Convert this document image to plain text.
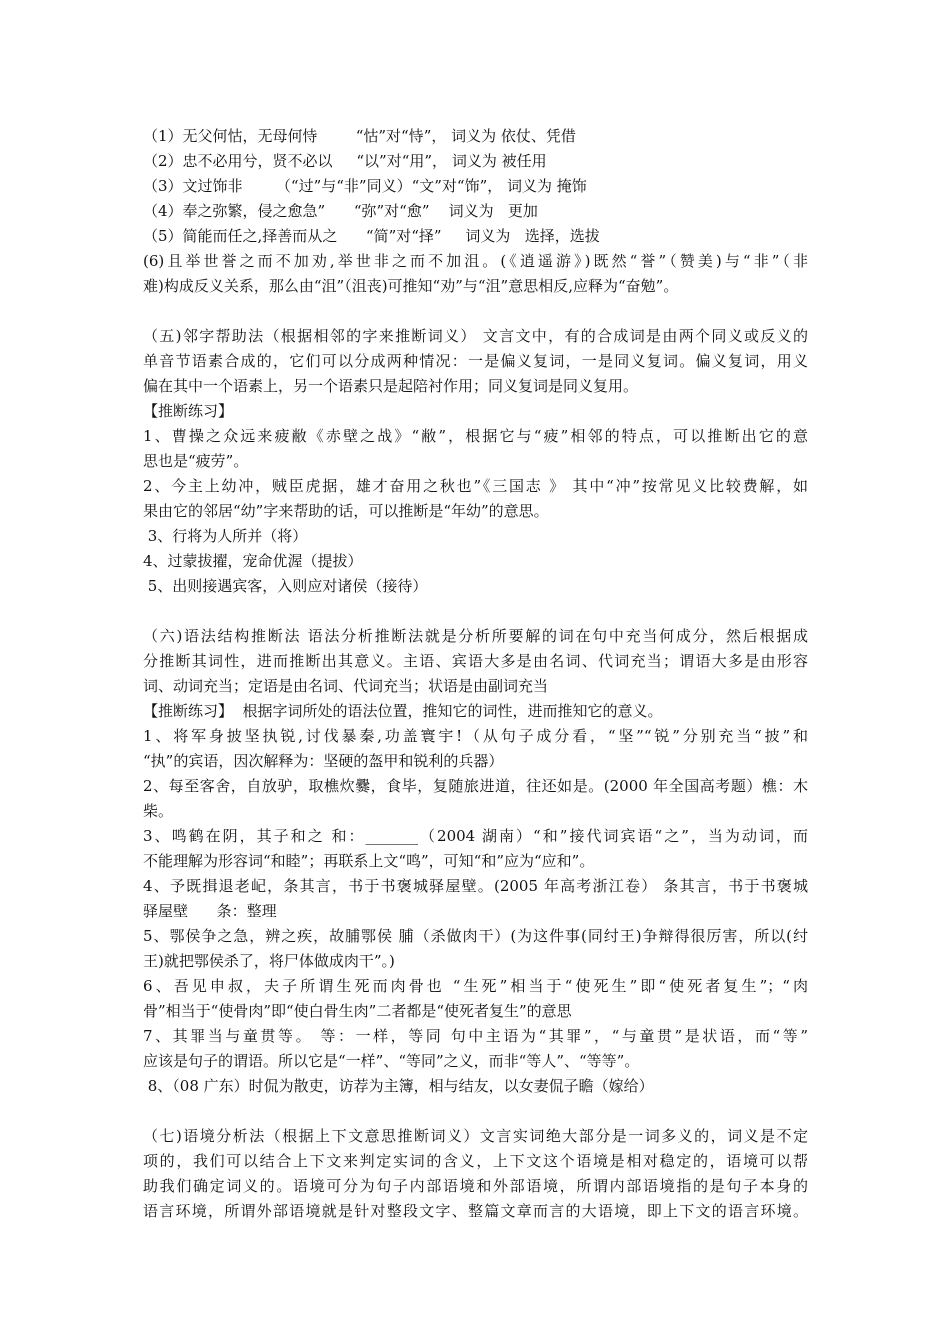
（1）无父何怙，无母何恃        “怙”对“恃”， 词义为 依仗、凭借
（2）忠不必用兮，贤不必以     “以”对“用”， 词义为 被任用
（3）文过饰非       （“过”与“非”同义）“文”对“饰”， 词义为 掩饰
（4）奉之弥繁，侵之愈急”      “弥”对“愈”    词义为   更加
（5）简能而任之,择善而从之      “简”对“择”     词义为   选择，选拔
(6)且举世誉之而不加劝,举世非之而不加沮。(《逍遥游》)既然“誉”（赞美)与“非”（非
难)构成反义关系，那么由“沮”（沮丧)可推知“劝”与“沮”意思相反,应释为“奋勉”。
（五)邻字帮助法（根据相邻的字来推断词义） 文言文中，有的合成词是由两个同义或反义的
单音节语素合成的，它们可以分成两种情况：一是偏义复词，一是同义复词。偏义复词，用义
偏在其中一个语素上，另一个语素只是起陪衬作用；同义复词是同义复用。
【推断练习】
1、曹操之众远来疲敝《赤壁之战》“敝”，根据它与“疲”相邻的特点，可以推断出它的意
思也是“疲劳”。
2、今主上幼冲，贼臣虎据，雄才奋用之秋也”《三国志 》 其中“冲”按常见义比较费解，如
果由它的邻居“幼”字来帮助的话，可以推断是“年幼”的意思。
3、行将为人所并（将）
4、过蒙拔擢，宠命优渥（提拔）
5、出则接遇宾客，入则应对诸侯（接待）
（六)语法结构推断法 语法分析推断法就是分析所要解的词在句中充当何成分，然后根据成
分推断其词性，进而推断出其意义。主语、宾语大多是由名词、代词充当；谓语大多是由形容
词、动词充当；定语是由名词、代词充当；状语是由副词充当
【推断练习】  根据字词所处的语法位置，推知它的词性，进而推知它的意义。
1、将军身披坚执锐,讨伐暴秦,功盖寰宇!（从句子成分看，“坚”“锐”分别充当“披”和
“执”的宾语，因次解释为：坚硬的盔甲和锐利的兵器）
2、每至客舍，自放驴，取樵炊爨，食毕，复随旅进道，往还如是。(2000 年全国高考题）樵：木
柴。
3、鸣鹤在阴，其子和之 和：_______（2004 湖南）“和”接代词宾语“之”，当为动词，而
不能理解为形容词“和睦”；再联系上文“鸣”，可知“和”应为“应和”。
4、予既揖退老屺，条其言，书于书褒城驿屋壁。(2005 年高考浙江卷） 条其言，书于书褒城
驿屋壁      条：整理
5、鄂侯争之急，辨之疾，故脯鄂侯 脯（杀做肉干）(为这件事(同纣王)争辩得很厉害，所以(纣
王)就把鄂侯杀了，将尸体做成肉干”。)
6、吾见申叔，夫子所谓生死而肉骨也 “生死”相当于“使死生”即“使死者复生”；“肉
骨”相当于“使骨肉”即“使白骨生肉”二者都是“使死者复生”的意思
7、其罪当与童贯等。 等：一样，等同 句中主语为“其罪”，“与童贯”是状语，而“等”
应该是句子的谓语。所以它是“一样”、“等同”之义，而非“等人”、“等等”。
8、（08 广东）时侃为散吏，访荐为主簿，相与结友，以女妻侃子瞻（嫁给）
（七)语境分析法（根据上下文意思推断词义）文言实词绝大部分是一词多义的，词义是不定
项的，我们可以结合上下文来判定实词的含义，上下文这个语境是相对稳定的，语境可以帮
助我们确定词义的。语境可分为句子内部语境和外部语境，所谓内部语境指的是句子本身的
语言环境，所谓外部语境就是针对整段文字、整篇文章而言的大语境，即上下文的语言环境。
